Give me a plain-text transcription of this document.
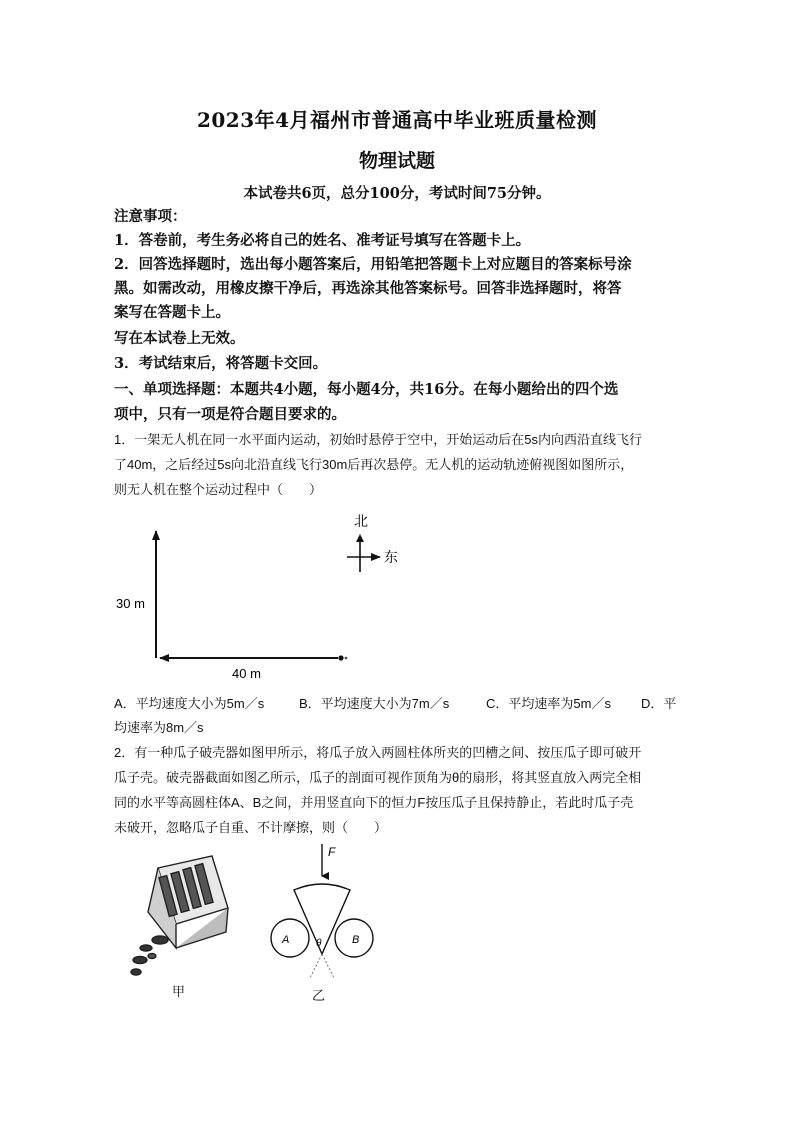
2023年4月福州市普通高中毕业班质量检测
物理试题
本试卷共6页，总分100分，考试时间75分钟。
注意事项：
1．答卷前，考生务必将自己的姓名、准考证号填写在答题卡上。
2．回答选择题时，选出每小题答案后，用铅笔把答题卡上对应题目的答案标号涂
黑。如需改动，用橡皮擦干净后，再选涂其他答案标号。回答非选择题时，将答
案写在答题卡上。
写在本试卷上无效。
3．考试结束后，将答题卡交回。
一、单项选择题：本题共4小题，每小题4分，共16分。在每小题给出的四个选
项中，只有一项是符合题目要求的。
1．一架无人机在同一水平面内运动，初始时悬停于空中，开始运动后在5s内向西沿直线飞行
了40m，之后经过5s向北沿直线飞行30m后再次悬停。无人机的运动轨迹俯视图如图所示，
则无人机在整个运动过程中（　　）
北
东
30 m
40 m
A．平均速度大小为5m／s	B．平均速度大小为7m／s	C．平均速率为5m／s D．平
均速率为8m／s
2．有一种瓜子破壳器如图甲所示，将瓜子放入两圆柱体所夹的凹槽之间、按压瓜子即可破开
瓜子壳。破壳器截面如图乙所示，瓜子的剖面可视作顶角为θ的扇形，将其竖直放入两完全相
同的水平等高圆柱体A、B之间，并用竖直向下的恒力F按压瓜子且保持静止，若此时瓜子壳
未破开，忽略瓜子自重、不计摩擦，则（　　）
甲
F
A	B
θ
乙
